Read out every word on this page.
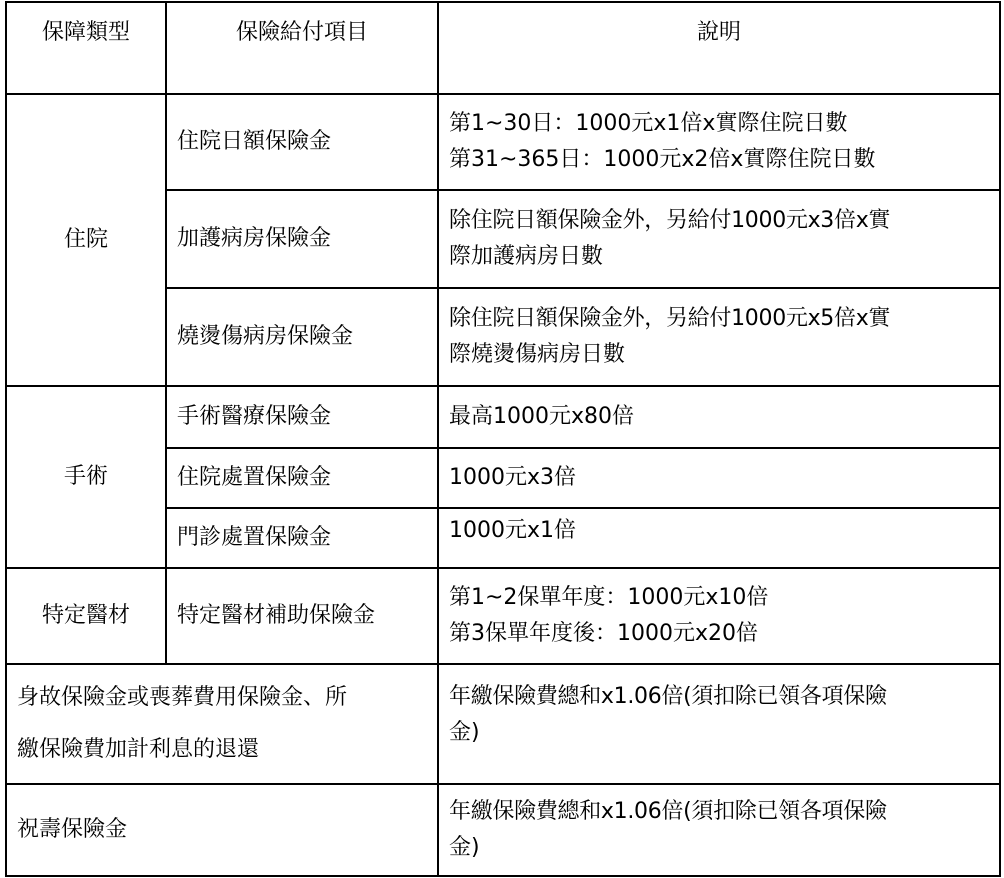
保障類型	保險給付項目	說明
住院	住院日額保險金	第1~30日：1000元x1倍x實際住院日數
第31~365日：1000元x2倍x實際住院日數

	加護病房保險金	除住院日額保險金外，另給付1000元x3倍x實
際加護病房日數

	燒燙傷病房保險金	除住院日額保險金外，另給付1000元x5倍x實
際燒燙傷病房日數

手術	手術醫療保險金	最高1000元x80倍
	住院處置保險金	1000元x3倍
	門診處置保險金	1000元x1倍
特定醫材	特定醫材補助保險金	第1~2保單年度：1000元x10倍
第3保單年度後：1000元x20倍

身故保險金或喪葬費用保險金、所
繳保險費加計利息的退還		年繳保險費總和x1.06倍(須扣除已領各項保險
金)

祝壽保險金		年繳保險費總和x1.06倍(須扣除已領各項保險
金)
